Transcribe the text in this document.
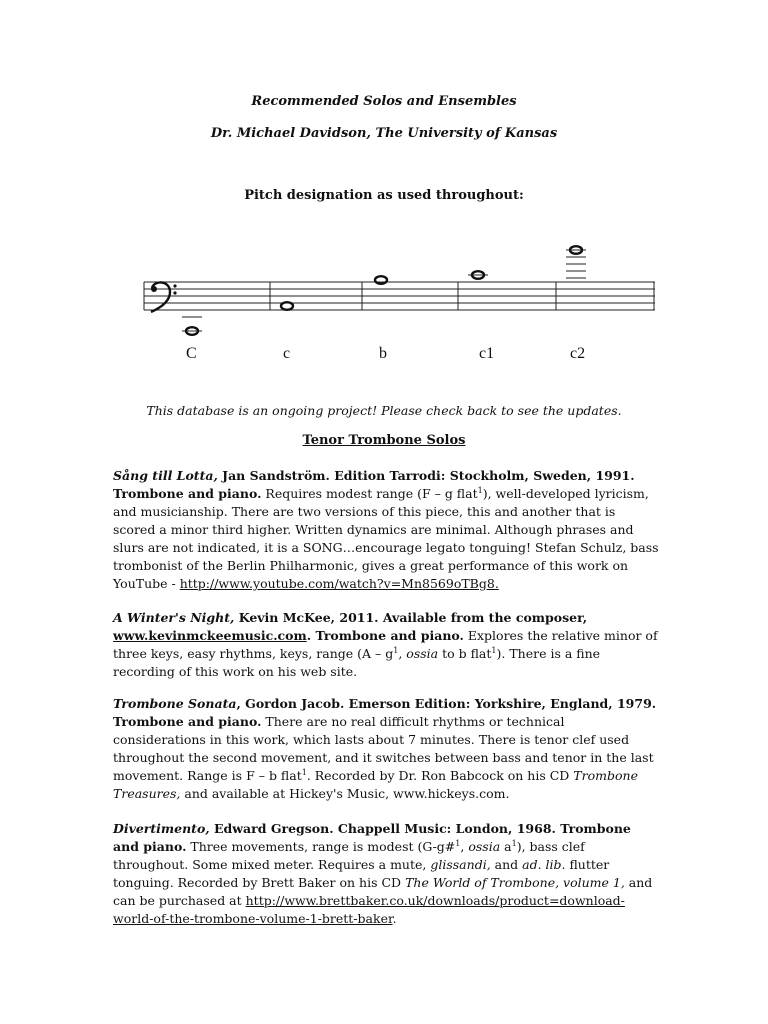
Recommended Solos and Ensembles
Dr. Michael Davidson, The University of Kansas
Pitch designation as used throughout:
C	c	b	c1	c2
This database is an ongoing project! Please check back to see the updates.
Tenor Trombone Solos

Sång till Lotta, Jan Sandström. Edition Tarrodi: Stockholm, Sweden, 1991. Trombone and piano. Requires modest range (F – g flat$^1$), well-developed lyricism, and musicianship. There are two versions of this piece, this and another that is scored a minor third higher. Written dynamics are minimal. Although phrases and slurs are not indicated, it is a SONG…encourage legato tonguing! Stefan Schulz, bass trombonist of the Berlin Philharmonic, gives a great performance of this work on YouTube - http://www.youtube.com/watch?v=Mn8569oTBg8.

A Winter's Night, Kevin McKee, 2011. Available from the composer, www.kevinmckeemusic.com. Trombone and piano. Explores the relative minor of three keys, easy rhythms, keys, range ($A - g^1$, ossia to b flat$^1$). There is a fine recording of this work on his web site.

Trombone Sonata, Gordon Jacob. Emerson Edition: Yorkshire, England, 1979. Trombone and piano. There are no real difficult rhythms or technical considerations in this work, which lasts about 7 minutes. There is tenor clef used throughout the second movement, and it switches between bass and tenor in the last movement. Range is F – b flat$^1$. Recorded by Dr. Ron Babcock on his CD Trombone Treasures, and available at Hickey's Music, www.hickeys.com.

Divertimento, Edward Gregson. Chappell Music: London, 1968. Trombone and piano. Three movements, range is modest (G-g#$^1$, ossia $a^1$), bass clef throughout. Some mixed meter. Requires a mute, glissandi, and ad. lib. flutter tonguing. Recorded by Brett Baker on his CD The World of Trombone, volume 1, and can be purchased at http://www.brettbaker.co.uk/downloads/product=download-world-of-the-trombone-volume-1-brett-baker.
